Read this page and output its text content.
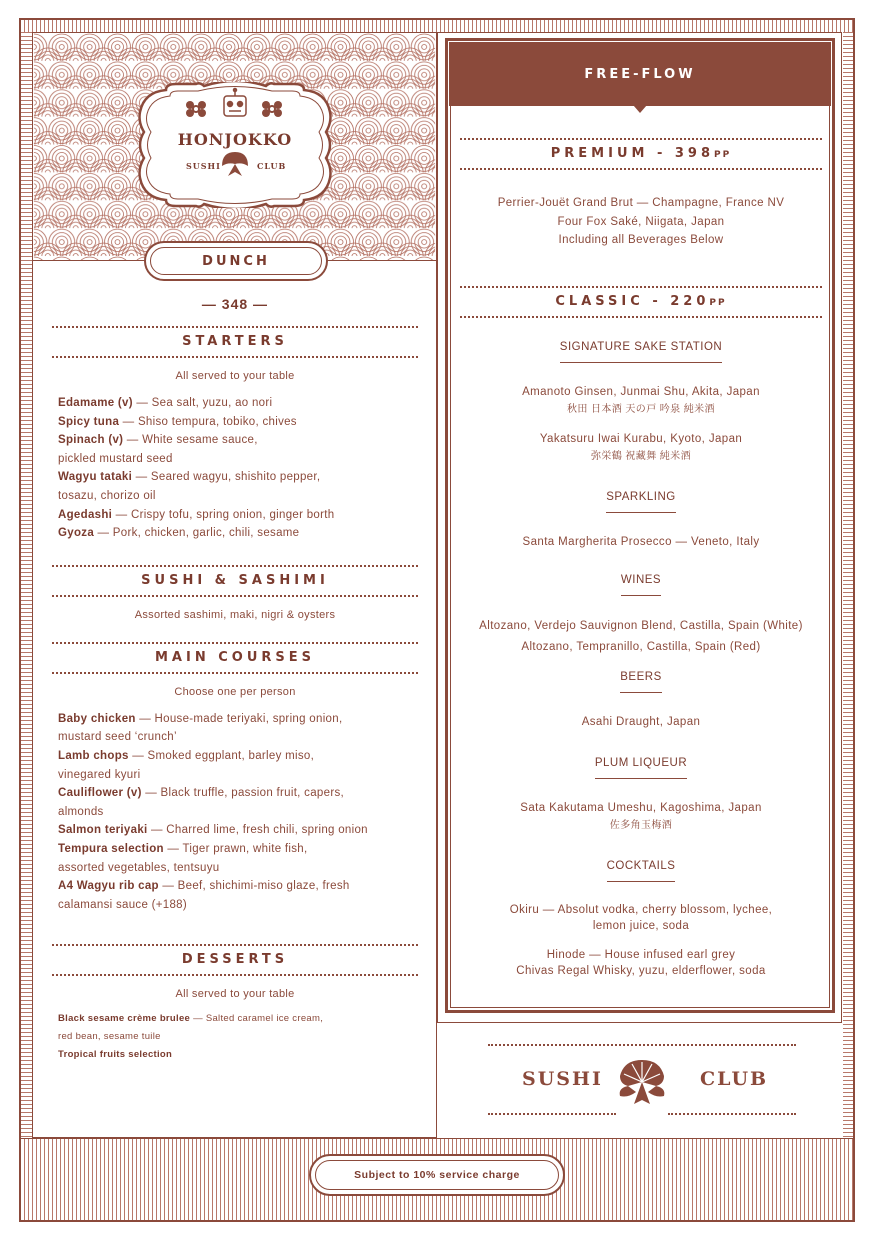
HONJOKKO
SUSHI	CLUB
DUNCH
— 348 —
STARTERS
All served to your table
Edamame (v) — Sea salt, yuzu, ao nori
Spicy tuna — Shiso tempura, tobiko, chives
Spinach (v) — White sesame sauce,
pickled mustard seed
Wagyu tataki — Seared wagyu, shishito pepper,
tosazu, chorizo oil
Agedashi — Crispy tofu, spring onion, ginger borth
Gyoza — Pork, chicken, garlic, chili, sesame
SUSHI & SASHIMI
Assorted sashimi, maki, nigri & oysters
MAIN COURSES
Choose one per person
Baby chicken — House-made teriyaki, spring onion,
mustard seed ‘crunch’
Lamb chops — Smoked eggplant, barley miso,
vinegared kyuri
Cauliflower (v) — Black truffle, passion fruit, capers,
almonds
Salmon teriyaki — Charred lime, fresh chili, spring onion
Tempura selection — Tiger prawn, white fish,
assorted vegetables, tentsuyu
A4 Wagyu rib cap — Beef, shichimi-miso glaze, fresh
calamansi sauce (+188)
DESSERTS
All served to your table
Black sesame crème brulee — Salted caramel ice cream,
red bean, sesame tuile
Tropical fruits selection
FREE-FLOW
PREMIUM - 398PP
Perrier-Jouët Grand Brut — Champagne, France NV
Four Fox Saké, Niigata, Japan
Including all Beverages Below
CLASSIC - 220PP
SIGNATURE SAKE STATION
Amanoto Ginsen, Junmai Shu, Akita, Japan
秋田 日本酒 天の戸 吟泉 純米酒
Yakatsuru Iwai Kurabu, Kyoto, Japan
弥栄鶴 祝藏舞 純米酒
SPARKLING
Santa Margherita Prosecco — Veneto, Italy
WINES
Altozano, Verdejo Sauvignon Blend, Castilla, Spain (White)
Altozano, Tempranillo, Castilla, Spain (Red)
BEERS
Asahi Draught, Japan
PLUM LIQUEUR
Sata Kakutama Umeshu, Kagoshima, Japan
佐多角玉梅酒
COCKTAILS
Okiru — Absolut vodka, cherry blossom, lychee,
lemon juice, soda
Hinode — House infused earl grey
Chivas Regal Whisky, yuzu, elderflower, soda
SUSHI	CLUB
Subject to 10% service charge
